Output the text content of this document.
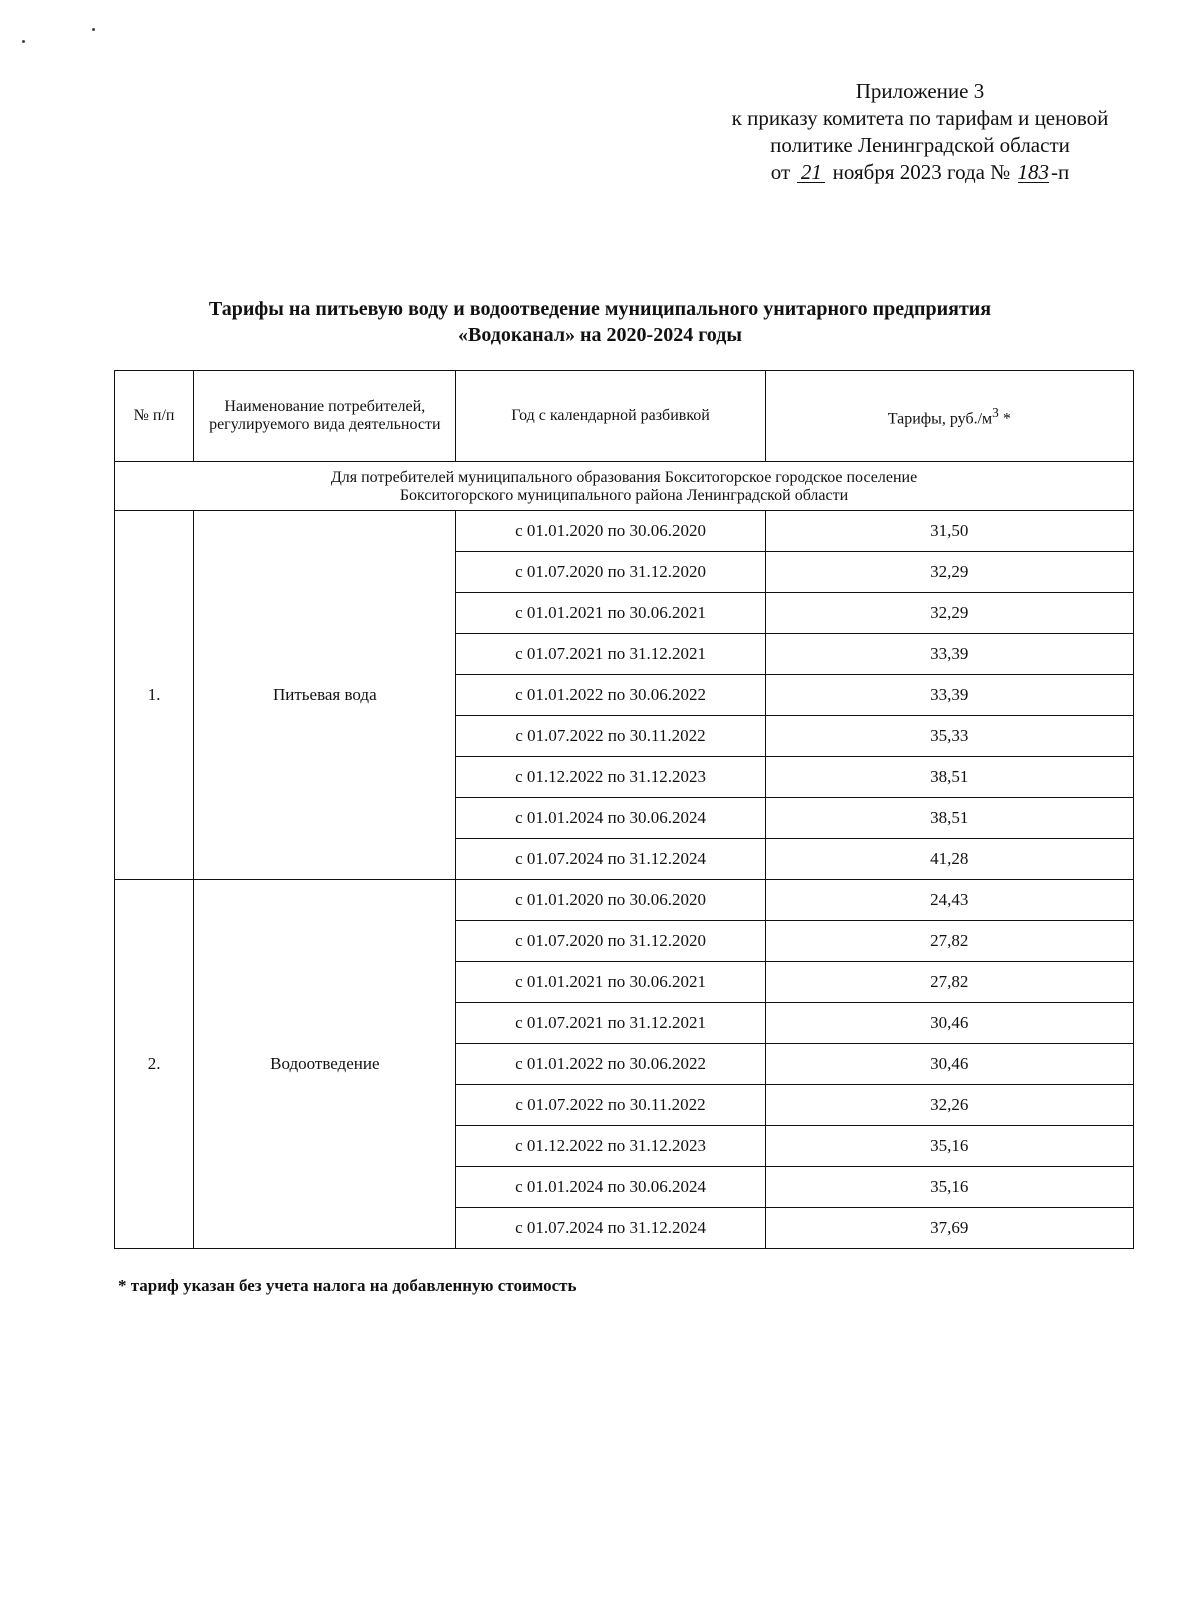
Приложение 3
к приказу комитета по тарифам и ценовой
политике Ленинградской области
от 21 ноября 2023 года № 183-п
Тарифы на питьевую воду и водоотведение муниципального унитарного предприятия
«Водоканал» на 2020-2024 годы
№ п/п	Наименование потребителей, регулируемого вида деятельности	Год с календарной разбивкой	Тарифы, $руб./м^3$ *

Для потребителей муниципального образования Бокситогорское городское поселение
Бокситогорского муниципального района Ленинградской области			

1.	Питьевая вода	с 01.01.2020 по 30.06.2020	31,50
		с 01.07.2020 по 31.12.2020	32,29
		с 01.01.2021 по 30.06.2021	32,29
		с 01.07.2021 по 31.12.2021	33,39
		с 01.01.2022 по 30.06.2022	33,39
		с 01.07.2022 по 30.11.2022	35,33
		с 01.12.2022 по 31.12.2023	38,51
		с 01.01.2024 по 30.06.2024	38,51
		с 01.07.2024 по 31.12.2024	41,28
2.	Водоотведение	с 01.01.2020 по 30.06.2020	24,43
		с 01.07.2020 по 31.12.2020	27,82
		с 01.01.2021 по 30.06.2021	27,82
		с 01.07.2021 по 31.12.2021	30,46
		с 01.01.2022 по 30.06.2022	30,46
		с 01.07.2022 по 30.11.2022	32,26
		с 01.12.2022 по 31.12.2023	35,16
		с 01.01.2024 по 30.06.2024	35,16
		с 01.07.2024 по 31.12.2024	37,69
* тариф указан без учета налога на добавленную стоимость
